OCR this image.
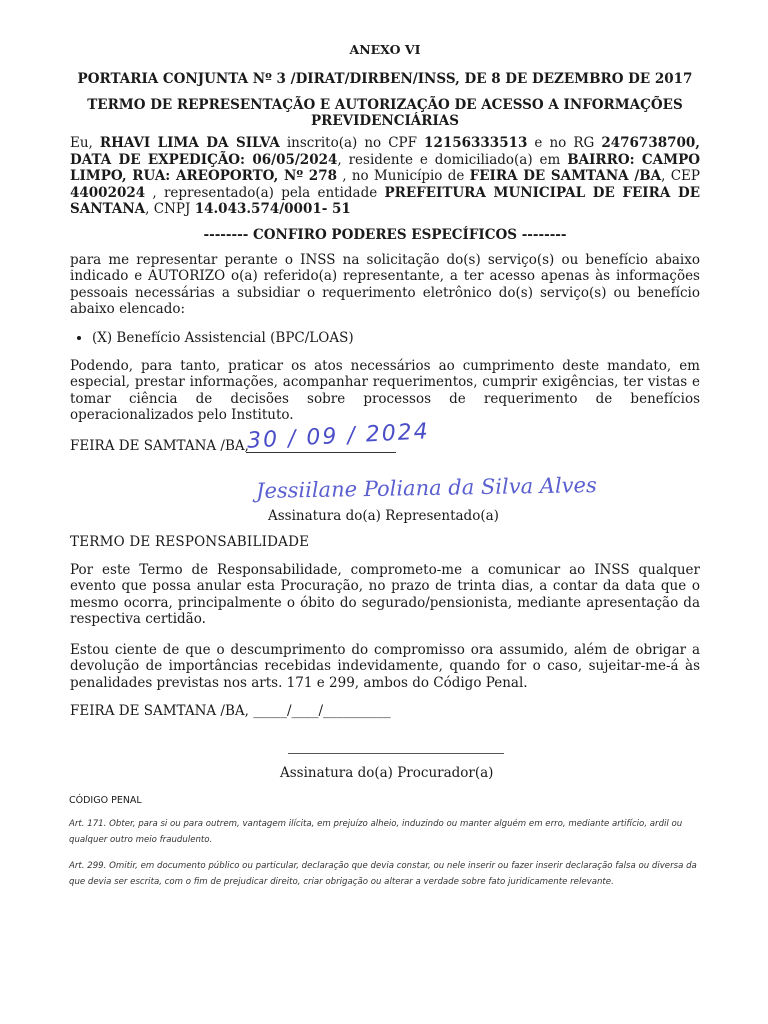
ANEXO VI
PORTARIA CONJUNTA Nº 3 /DIRAT/DIRBEN/INSS, DE 8 DE DEZEMBRO DE 2017
TERMO DE REPRESENTAÇÃO E AUTORIZAÇÃO DE ACESSO A INFORMAÇÕES PREVIDENCIÁRIAS

Eu, RHAVI LIMA DA SILVA inscrito(a) no CPF 12156333513 e no RG 2476738700, DATA DE EXPEDIÇÃO: 06/05/2024, residente e domiciliado(a) em BAIRRO: CAMPO LIMPO, RUA: AREOPORTO, Nº 278 , no Município de FEIRA DE SAMTANA /BA, CEP 44002024 , representado(a) pela entidade PREFEITURA MUNICIPAL DE FEIRA DE SANTANA, CNPJ 14.043.574/0001- 51

-------- CONFIRO PODERES ESPECÍFICOS --------

para me representar perante o INSS na solicitação do(s) serviço(s) ou benefício abaixo indicado e AUTORIZO o(a) referido(a) representante, a ter acesso apenas às informações pessoais necessárias a subsidiar o requerimento eletrônico do(s) serviço(s) ou benefício abaixo elencado:

• (X) Benefício Assistencial (BPC/LOAS)

Podendo, para tanto, praticar os atos necessários ao cumprimento deste mandato, em especial, prestar informações, acompanhar requerimentos, cumprir exigências, ter vistas e tomar ciência de decisões sobre processos de requerimento de benefícios operacionalizados pelo Instituto.

FEIRA DE SAMTANA /BA,
30 / 09 / 2024
Jessiilane Poliana da Silva Alves
Assinatura do(a) Representado(a)
TERMO DE RESPONSABILIDADE

Por este Termo de Responsabilidade, comprometo-me a comunicar ao INSS qualquer evento que possa anular esta Procuração, no prazo de trinta dias, a contar da data que o mesmo ocorra, principalmente o óbito do segurado/pensionista, mediante apresentação da respectiva certidão.

Estou ciente de que o descumprimento do compromisso ora assumido, além de obrigar a devolução de importâncias recebidas indevidamente, quando for o caso, sujeitar-me-á às penalidades previstas nos arts. 171 e 299, ambos do Código Penal.

FEIRA DE SAMTANA /BA, _____/____/__________
Assinatura do(a) Procurador(a)
CÓDIGO PENAL
Art. 171. Obter, para si ou para outrem, vantagem ilícita, em prejuízo alheio, induzindo ou manter alguém em erro, mediante artifício, ardil ou qualquer outro meio fraudulento.
Art. 299. Omitir, em documento público ou particular, declaração que devia constar, ou nele inserir ou fazer inserir declaração falsa ou diversa da que devia ser escrita, com o fim de prejudicar direito, criar obrigação ou alterar a verdade sobre fato juridicamente relevante.
